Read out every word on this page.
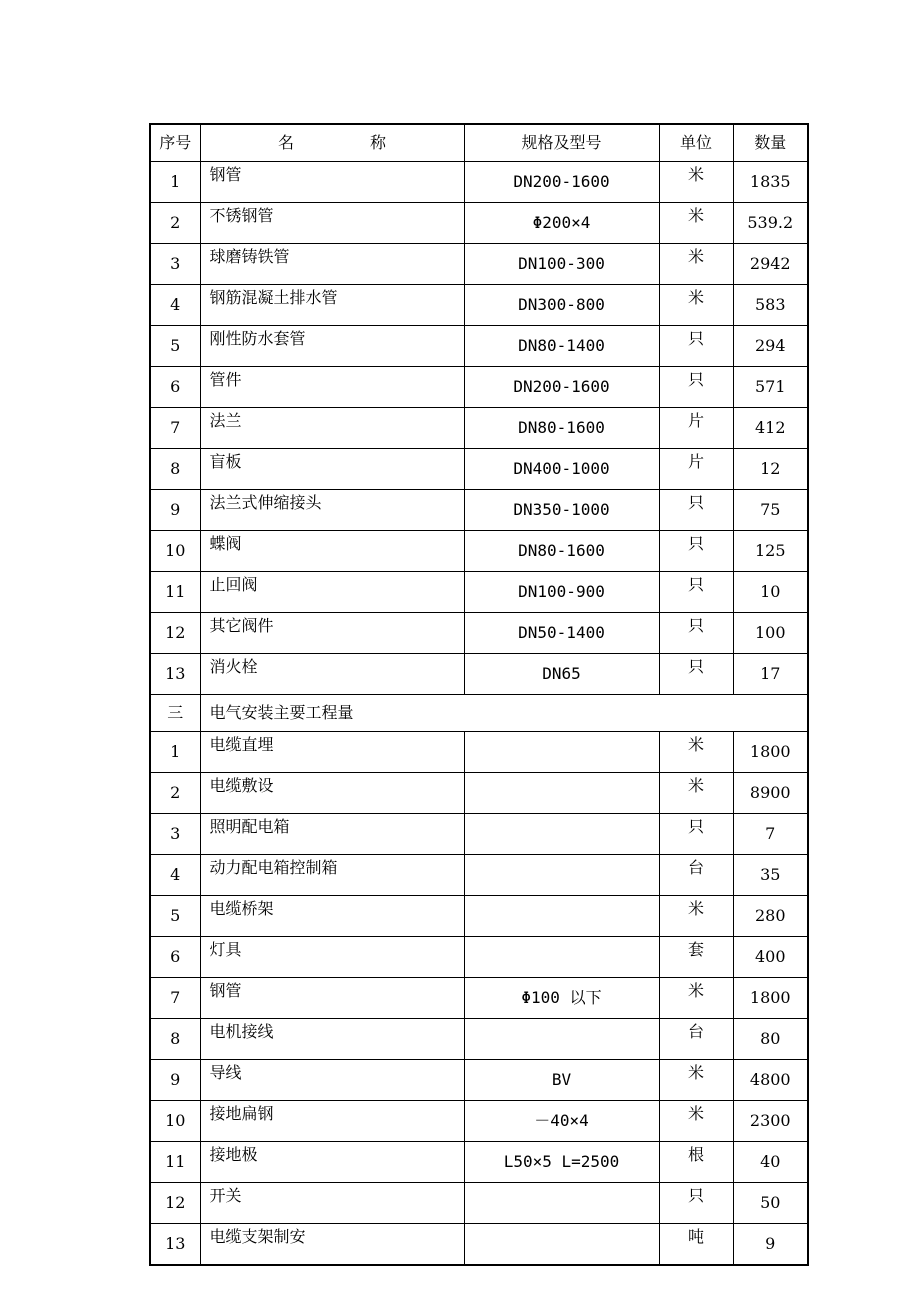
序号	名 称	规格及型号	单位	数量
1	钢管	DN200-1600	米	1835
2	不锈钢管	Φ200×4	米	539.2
3	球磨铸铁管	DN100-300	米	2942
4	钢筋混凝土排水管	DN300-800	米	583
5	刚性防水套管	DN80-1400	只	294
6	管件	DN200-1600	只	571
7	法兰	DN80-1600	片	412
8	盲板	DN400-1000	片	12
9	法兰式伸缩接头	DN350-1000	只	75
10	蝶阀	DN80-1600	只	125
11	止回阀	DN100-900	只	10
12	其它阀件	DN50-1400	只	100
13	消火栓	DN65	只	17
三	电气安装主要工程量			
1	电缆直埋		米	1800
2	电缆敷设		米	8900
3	照明配电箱		只	7
4	动力配电箱控制箱		台	35
5	电缆桥架		米	280
6	灯具		套	400
7	钢管	Φ100 以下	米	1800
8	电机接线		台	80
9	导线	BV	米	4800
10	接地扁钢	－40×4	米	2300
11	接地极	L50×5 L=2500	根	40
12	开关		只	50
13	电缆支架制安		吨	9
